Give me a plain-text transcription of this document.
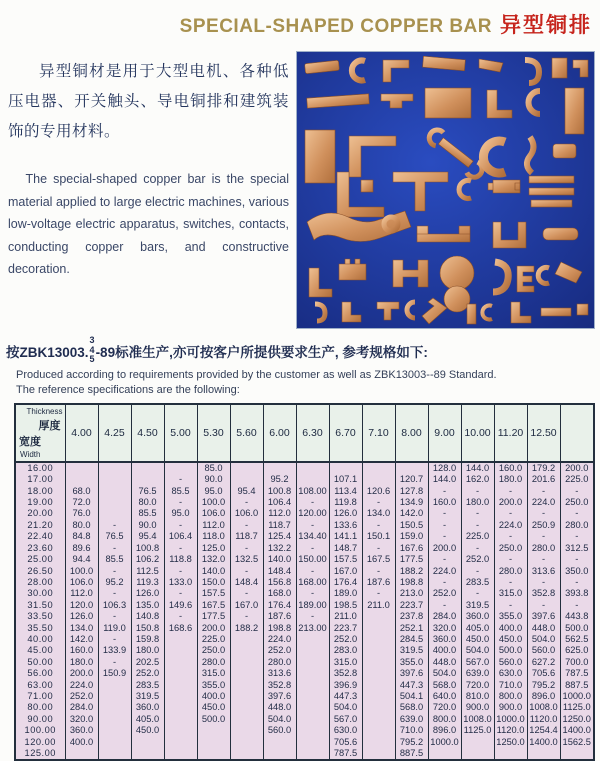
SPECIAL-SHAPED COPPER BAR 异型铜排

异型铜材是用于大型电机、各种低压电器、开关触头、导电铜排和建筑装饰的专用材料。

The special-shaped copper bar is the special material applied to large electric machines, various low-voltage electric apparatus, switches, contacts, conducting copper bars, and constructive decoration.

按ZBK13003.
3
4
5 -89标准生产,亦可按客户所提供要求生产, 参考规格如下:
Produced according to requirements provided by the customer as well as ZBK13003--89 Standard.
The reference specifications are the following:
Thickness
厚度
宽度
Width	4.00	4.25	4.50	5.00	5.30	5.60	6.00	6.30	6.70	7.10	8.00	9.00	10.00	11.20	12.50	
16.00					85.0							128.0	144.0	160.0	179.2	200.0
17.00				-	90.0		95.2		107.1		120.7	144.0	162.0	180.0	201.6	225.0
18.00	68.0		76.5	85.5	95.0	95.4	100.8	108.00	113.4	120.6	127.8	-	-	-	-	-
19.00	72.0		80.0	-	100.0	-	106.4	-	119.8	-	134.9	160.0	180.0	200.0	224.0	250.0
20.00	76.0		85.5	95.0	106.0	106.0	112.0	120.00	126.0	134.0	142.0	-	-	-	-	-
21.20	80.0	-	90.0	-	112.0	-	118.7	-	133.6	-	150.5	-	-	224.0	250.9	280.0
22.40	84.8	76.5	95.4	106.4	118.0	118.7	125.4	134.40	141.1	150.1	159.0	-	225.0	-	-	-
23.60	89.6	-	100.8	-	125.0	-	132.2	-	148.7	-	167.6	200.0	-	250.0	280.0	312.5
25.00	94.4	85.5	106.2	118.8	132.0	132.5	140.0	150.00	157.5	167.5	177.5	-	252.0	-	-	-
26.50	100.0	-	112.5	-	140.0	-	148.4	-	167.0	-	188.2	224.0	-	280.0	313.6	350.0
28.00	106.0	95.2	119.3	133.0	150.0	148.4	156.8	168.00	176.4	187.6	198.8	-	283.5	-	-	-
30.00	112.0	-	126.0	-	157.5	-	168.0	-	189.0	-	213.0	252.0	-	315.0	352.8	393.8
31.50	120.0	106.3	135.0	149.6	167.5	167.0	176.4	189.00	198.5	211.0	223.7	-	319.5	-	-	-
33.50	126.0	-	140.8	-	177.5	-	187.6	-	211.0		237.8	284.0	360.0	355.0	397.6	443.8
35.50	134.0	119.0	150.8	168.6	200.0	188.2	198.8	213.00	223.7		252.1	320.0	405.0	400.0	448.0	500.0
40.00	142.0	-	159.8		225.0		224.0		252.0		284.5	360.0	450.0	450.0	504.0	562.5
45.00	160.0	133.9	180.0		250.0		252.0		283.0		319.5	400.0	504.0	500.0	560.0	625.0
50.00	180.0	-	202.5		280.0		280.0		315.0		355.0	448.0	567.0	560.0	627.2	700.0
56.00	200.0	150.9	252.0		315.0		313.6		352.8		397.6	504.0	639.0	630.0	705.6	787.5
63.00	224.0		283.5		355.0		352.8		396.9		447.3	568.0	720.0	710.0	795.2	887.5
71.00	252.0		319.5		400.0		397.6		447.3		504.1	640.0	810.0	800.0	896.0	1000.0
80.00	284.0		360.0		450.0		448.0		504.0		568.0	720.0	900.0	900.0	1008.0	1125.0
90.00	320.0		405.0		500.0		504.0		567.0		639.0	800.0	1008.0	1000.0	1120.0	1250.0
100.00	360.0		450.0				560.0		630.0		710.0	896.0	1125.0	1120.0	1254.4	1400.0
120.00	400.0								705.6		795.2	1000.0		1250.0	1400.0	1562.5
125.00									787.5		887.5					
